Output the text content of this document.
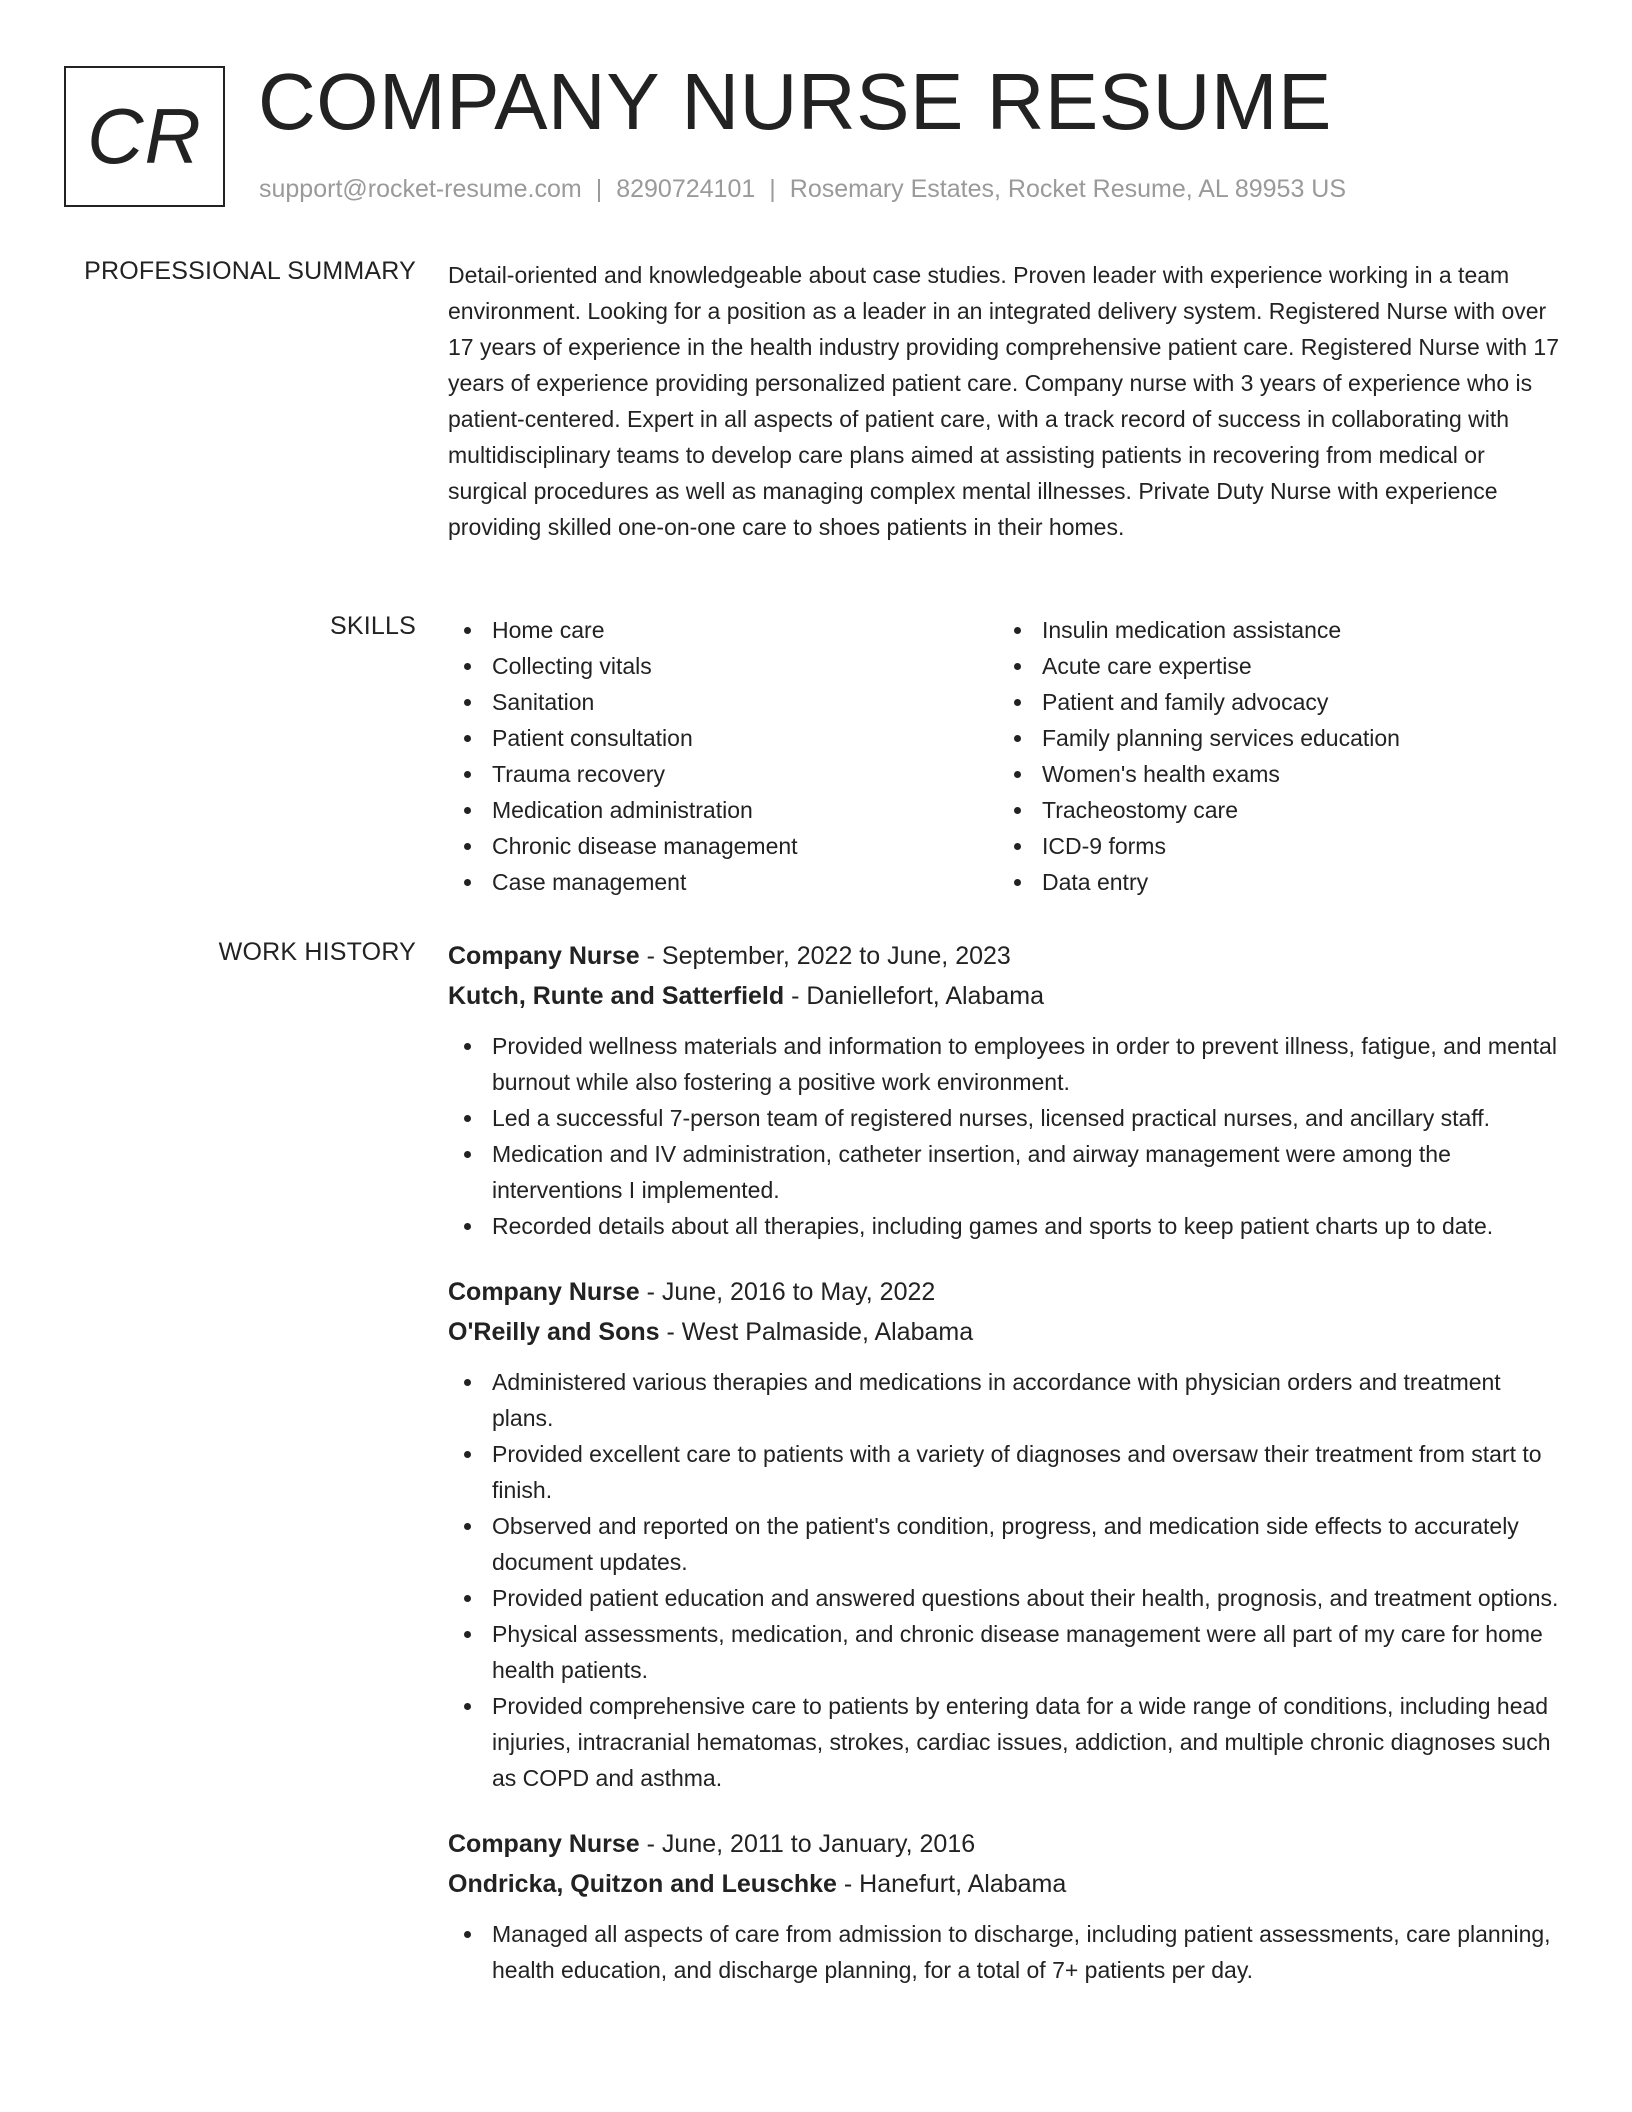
CR COMPANY NURSE RESUME
support@rocket-resume.com | 8290724101 | Rosemary Estates, Rocket Resume, AL 89953 US
PROFESSIONAL SUMMARY Detail-oriented and knowledgeable about case studies. Proven leader with experience working in a team environment. Looking for a position as a leader in an integrated delivery system. Registered Nurse with over 17 years of experience in the health industry providing comprehensive patient care. Registered Nurse with 17 years of experience providing personalized patient care. Company nurse with 3 years of experience who is patient-centered. Expert in all aspects of patient care, with a track record of success in collaborating with multidisciplinary teams to develop care plans aimed at assisting patients in recovering from medical or surgical procedures as well as managing complex mental illnesses. Private Duty Nurse with experience providing skilled one-on-one care to shoes patients in their homes.

SKILLS	Home care
Collecting vitals
Sanitation
Patient consultation
Trauma recovery
Medication administration
Chronic disease management
Case management
Insulin medication assistance
Acute care expertise
Patient and family advocacy
Family planning services education
Women's health exams
Tracheostomy care
ICD-9 forms
Data entry
WORK HISTORY Company Nurse - September, 2022 to June, 2023
Kutch, Runte and Satterfield - Daniellefort, Alabama
Provided wellness materials and information to employees in order to prevent illness, fatigue, and mental burnout while also fostering a positive work environment.
Led a successful 7-person team of registered nurses, licensed practical nurses, and ancillary staff.
Medication and IV administration, catheter insertion, and airway management were among the interventions I implemented.
Recorded details about all therapies, including games and sports to keep patient charts up to date.
Company Nurse - June, 2016 to May, 2022
O'Reilly and Sons - West Palmaside, Alabama
Administered various therapies and medications in accordance with physician orders and treatment plans.
Provided excellent care to patients with a variety of diagnoses and oversaw their treatment from start to finish.
Observed and reported on the patient's condition, progress, and medication side effects to accurately document updates.
Provided patient education and answered questions about their health, prognosis, and treatment options.
Physical assessments, medication, and chronic disease management were all part of my care for home health patients.
Provided comprehensive care to patients by entering data for a wide range of conditions, including head injuries, intracranial hematomas, strokes, cardiac issues, addiction, and multiple chronic diagnoses such as COPD and asthma.
Company Nurse - June, 2011 to January, 2016
Ondricka, Quitzon and Leuschke - Hanefurt, Alabama
Managed all aspects of care from admission to discharge, including patient assessments, care planning, health education, and discharge planning, for a total of 7+ patients per day.
